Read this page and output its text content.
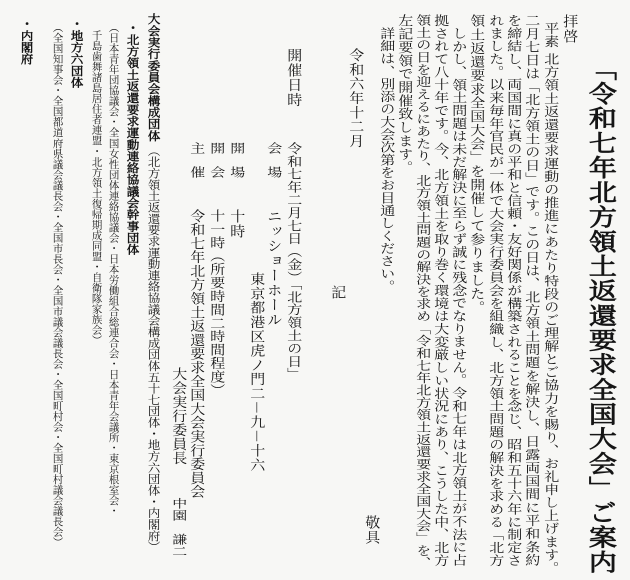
「令和七年北方領土返還要求全国大会」ご案内
拝啓
平素 北方領土返還要求運動の推進にあたり特段のご理解とご協力を賜り、お礼申し上げます。
二月七日は「北方領土の日」です。この日は、北方領土問題を解決し、日露両国間に平和条約
を締結し、両国間に真の平和と信頼・友好関係が構築されることを念じ、昭和五十六年に制定さ
れました。以来毎年官民が一体で大会実行委員会を組織し、北方領土問題の解決を求める「北方
領土返還要求全国大会」を開催して参りました。
しかし、領土問題は未だ解決に至らず誠に残念でなりません。令和七年は北方領土が不法に占
拠されて八十年です。今、北方領土を取り巻く環境は大変厳しい状況にあり、こうした中、北方
領土の日を迎えるにあたり、北方領土問題の解決を求め「令和七年北方領土返還要求全国大会」を、
左記要領で開催致します。
詳細は、別添の大会次第をお目通しください。
敬具
令和六年十二月
記
開催日時
令和七年二月七日（金）「北方領土の日」
会　場
ニッショーホール
東京都港区虎ノ門二－九－十六
開　場
十時
開　会
十一時（所要時間二時間程度）
主　催
令和七年北方領土返還要求全国大会実行委員会
大会実行委員長
中園　謙二
大会実行委員会構成団体
（北方領土返還要求運動連絡協議会構成団体五十七団体・地方六団体・内閣府）
・北方領土返還要求運動連絡協議会幹事団体
（日本青年団協議会・全国女性団体連絡協議会・日本労働組合総連合会・日本青年会議所・東京根室会・
千島歯舞諸島居住者連盟・北方領土復帰期成同盟・自衛隊家族会）
・地方六団体
（全国知事会・全国都道府県議会議長会・全国市長会・全国市議会議長会・全国町村会・全国町村議会議長会）
・内閣府
